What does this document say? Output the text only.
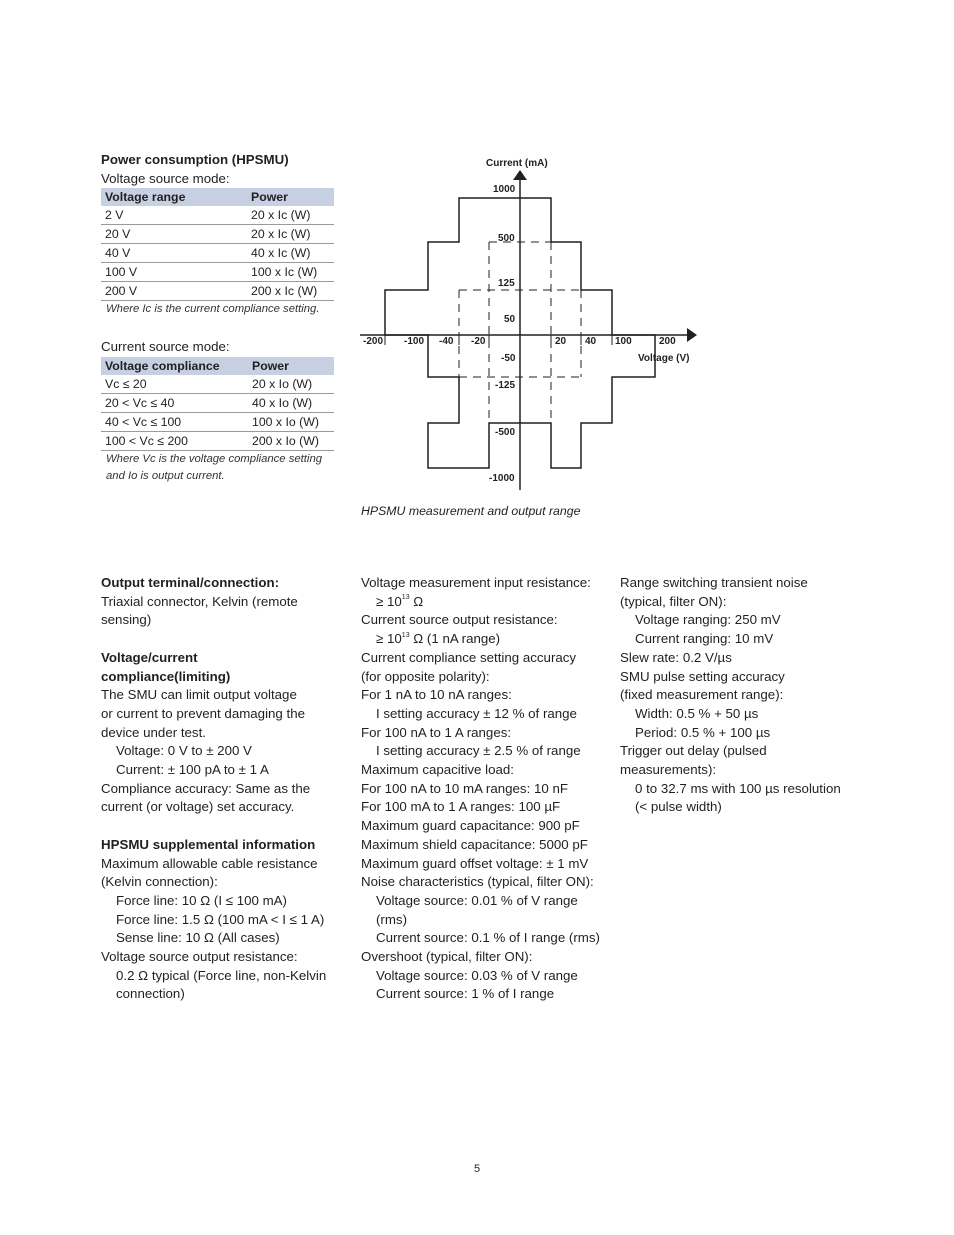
Power consumption (HPSMU)
Voltage source mode:
Voltage range	Power
2 V	20 x Ic (W)
20 V	20 x Ic (W)
40 V	40 x Ic (W)
100 V	100 x Ic (W)
200 V	200 x Ic (W)
Where Ic is the current compliance setting.
Current source mode:
Voltage compliance	Power
Vc ≤ 20	20 x Io (W)
20 < Vc ≤ 40	40 x Io (W)
40 < Vc ≤ 100	100 x Io (W)
100 < Vc ≤ 200	200 x Io (W)
Where Vc is the voltage compliance setting
and Io is output current.
Current (mA)
Voltage (V)
-200 -100 -40 -20	20 40 100	200
1000
500
125
50
-50
-125
-500
-1000
HPSMU measurement and output range

Output terminal/connection:

Triaxial connector, Kelvin (remote

sensing)

Voltage/current

compliance(limiting)

The SMU can limit output voltage

or current to prevent damaging the

device under test.

Voltage: 0 V to ± 200 V

Current: ± 100 pA to ± 1 A

Compliance accuracy: Same as the

current (or voltage) set accuracy.

HPSMU supplemental information

Maximum allowable cable resistance

(Kelvin connection):

Force line: 10 Ω (I ≤ 100 mA)

Force line: 1.5 Ω (100 mA < I ≤ 1 A)

Sense line: 10 Ω (All cases)

Voltage source output resistance:

0.2 Ω typical (Force line, non-Kelvin

connection)

Voltage measurement input resistance:

≥ $10^{13}$ Ω

Current source output resistance:

≥ $10^{13}$ Ω (1 nA range)

Current compliance setting accuracy

(for opposite polarity):

For 1 nA to 10 nA ranges:

I setting accuracy ± 12 % of range

For 100 nA to 1 A ranges:

I setting accuracy ± 2.5 % of range

Maximum capacitive load:

For 100 nA to 10 mA ranges: 10 nF

For 100 mA to 1 A ranges: 100 µF

Maximum guard capacitance: 900 pF

Maximum shield capacitance: 5000 pF

Maximum guard offset voltage: ± 1 mV

Noise characteristics (typical, filter ON):

Voltage source: 0.01 % of V range

(rms)

Current source: 0.1 % of I range (rms)

Overshoot (typical, filter ON):

Voltage source: 0.03 % of V range

Current source: 1 % of I range

Range switching transient noise

(typical, filter ON):

Voltage ranging: 250 mV

Current ranging: 10 mV

Slew rate: 0.2 V/µs

SMU pulse setting accuracy

(fixed measurement range):

Width: 0.5 % + 50 µs

Period: 0.5 % + 100 µs

Trigger out delay (pulsed

measurements):

0 to 32.7 ms with 100 µs resolution

(< pulse width)

5
